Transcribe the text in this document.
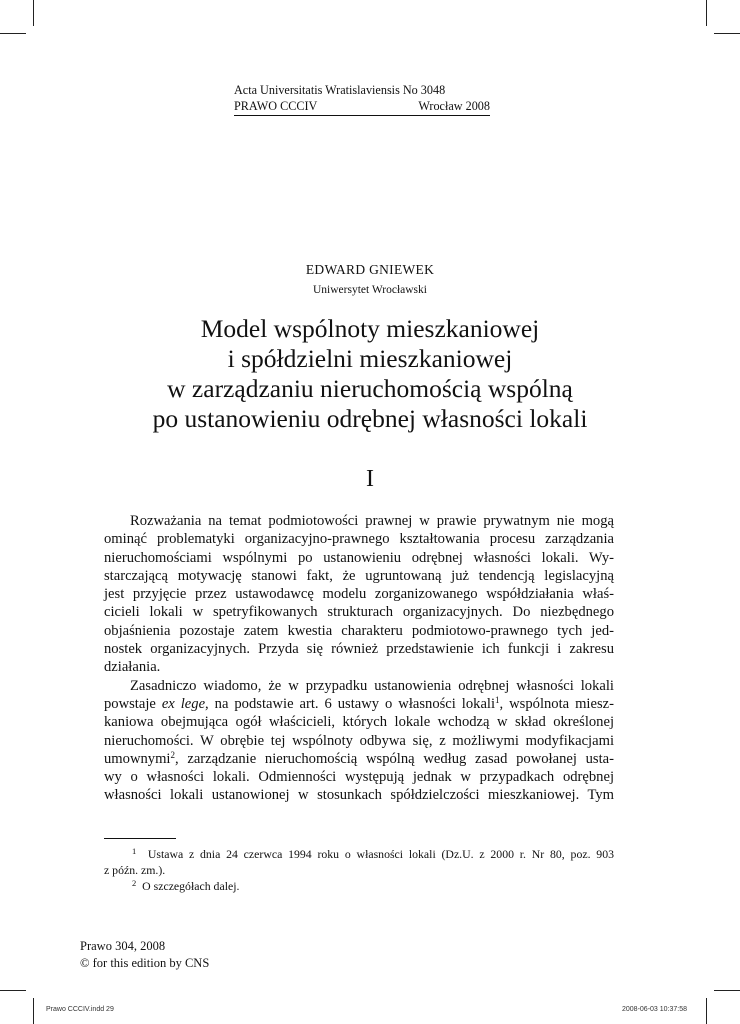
Acta Universitatis Wratislaviensis No 3048
PRAWO CCCIV	Wrocław 2008
EDWARD GNIEWEK
Uniwersytet Wrocławski
Model wspólnoty mieszkaniowej
i spółdzielni mieszkaniowej
w zarządzaniu nieruchomością wspólną
po ustanowieniu odrębnej własności lokali
I
Rozważania na temat podmiotowości prawnej w prawie prywatnym nie mogą
ominąć problematyki organizacyjno-prawnego kształtowania procesu zarządzania
nieruchomościami wspólnymi po ustanowieniu odrębnej własności lokali. Wy-
starczającą motywację stanowi fakt, że ugruntowaną już tendencją legislacyjną
jest przyjęcie przez ustawodawcę modelu zorganizowanego współdziałania właś-
cicieli lokali w spetryfikowanych strukturach organizacyjnych. Do niezbędnego
objaśnienia pozostaje zatem kwestia charakteru podmiotowo-prawnego tych jed-
nostek organizacyjnych. Przyda się również przedstawienie ich funkcji i zakresu
działania.
Zasadniczo wiadomo, że w przypadku ustanowienia odrębnej własności lokali
powstaje ex lege, na podstawie art. 6 ustawy o własności lokali$^1$, wspólnota miesz-
kaniowa obejmująca ogół właścicieli, których lokale wchodzą w skład określonej
nieruchomości. W obrębie tej wspólnoty odbywa się, z możliwymi modyfikacjami
umownymi$^2$, zarządzanie nieruchomością wspólną według zasad powołanej usta-
wy o własności lokali. Odmienności występują jednak w przypadkach odrębnej
własności lokali ustanowionej w stosunkach spółdzielczości mieszkaniowej. Tym
$^1$ Ustawa z dnia 24 czerwca 1994 roku o własności lokali (Dz.U. z 2000 r. Nr 80, poz. 903
z późn. zm.).
$^2$ O szczegółach dalej.
Prawo 304, 2008
© for this edition by CNS
Prawo CCCIV.indd 29	2008-06-03 10:37:58
